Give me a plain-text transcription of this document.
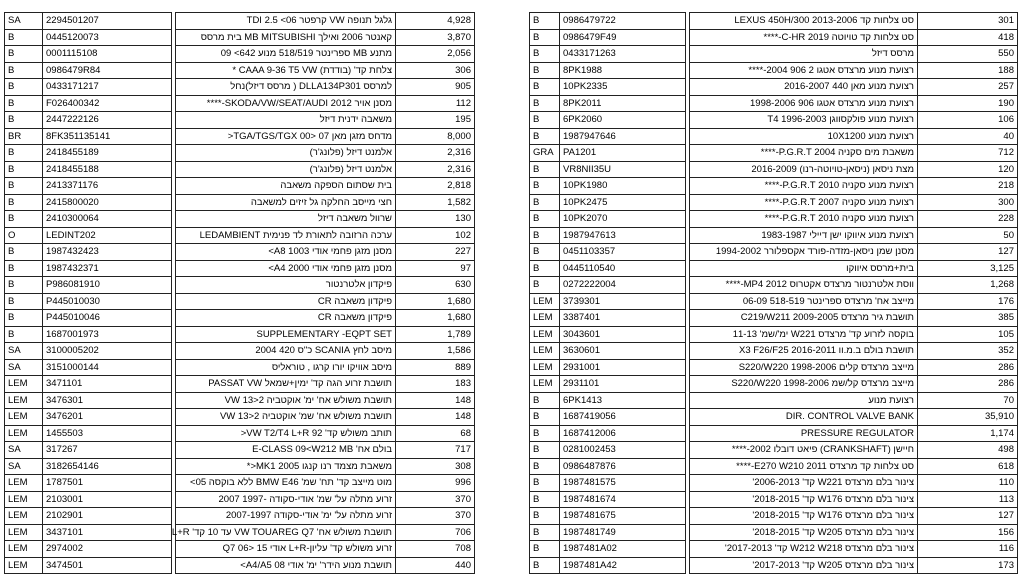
SA	2294501207		גלגל תנופה VW קרפטר 06> 2.5 TDI	4,928
B	0445120073		קאנטר 2006 ואילך MB MITSUBISHI בית מרסס	3,870
B	0001115108		מתנע MB ספרינטר 518/519 מנוע 642> 09	2,056
B	0986479R84		צלחת קד' (בודדת) CAAA 9-36 T5 VW *	306
B	0433171217		למרסס DLLA134P301 ( מרסס דיזל)נחל	905
B	F026400342		מסנן אויר SKODA/VW/SEAT/AUDI 2012-****	112
B	2447222126		משאבה ידנית דיזל	195
BR	8FK351135141		מדחס מזגן מאן TGA/TGS/TGX 00> 07<	8,000
B	2418455189		אלמנט דיזל (פלונג'ר)	2,316
B	2418455188		אלמנט דיזל (פלונג'ר)	2,316
B	2413371176		בית שסתום הספקה משאבה	2,818
B	2415800020		חצי מייסב החלקה גל זיזים למשאבה	1,582
B	2410300064		שרוול משאבה דיזל	130
O	LEDINT202		ערכה הרזובה לתאורת לד פנימית LEDAMBIENT	102
B	1987432423		מסנן מזגן פחמי אודי A8 1003>	227
B	1987432371		מסנן מזגן פחמי אודי A4 2000>	97
B	P986081910		פיקדון אלטרנטור	630
B	P445010030		פיקדון משאבה CR	1,680
B	P445010046		פיקדון משאבה CR	1,680
B	1687001973		SUPPLEMENTARY -EQPT SET	1,789
SA	3100005202		מיסב לחץ SCANIA כ"ס 420 2004	1,586
SA	3151000144		מיסב אוויקו יורו קרגו , טוראליס	889
LEM	3471101		תושבת זרוע הגה קד' ימין+שמאל PASSAT VW	183
LEM	3476301		תושבת משולש אח' ימ' אוקטביה 2<13 VW	148
LEM	3476201		תושבת משולש אח' שמ' אוקטביה 2<13 VW	148
LEM	1455503		תותב משולש קד' VW T2/T4 L+R 92<	68
SA	317267		בולם אח' E-CLASS 09<W212 MB	717
SA	3182654146		משאבת מצמד רנו קנגו MK1 2005<*	308
LEM	1787501		מוט מייצב קד' תח' שמ' BMW E46 ללא בוקסה 05>	996
LEM	2103001		זרוע מתלה על' שמ' אודי-סקודה -1997 2007	370
LEM	2102901		זרוע מתלה על' ימ' אודי-סקודה 2007-1997	370
LEM	3437101		תושבת משולש אח' VW TOUAREG Q7 עד 10 קד' L+R	706
LEM	2974002		זרוע משולש קד' עליון-L+R אודי Q7 06> 15	708
LEM	3474501		תושבת מנוע הידר' ימ' אודי A4/A5 08>	440
B	0986479722		סט צלחות קד LEXUS 450H/300 2013-2006	301
B	0986479F49		סט צלחות קד טויוטה C-HR 2019-****	418
B	0433171263		מרסס דיזל	550
B	8PK1988		רצועת מנוע מרצדס אטגו 2 906 2004-****	188
B	10PK2335		רצועת מנוע מאן 440 2016-2007	257
B	8PK2011		רצועת מנוע מרצדס אטגו 906 1998-2006	190
B	6PK2060		רצועת מנוע פולקסווגן T4 1996-2003	106
B	1987947646		רצועת מנוע 10X1200	40
GRA	PA1201		משאבת מים סקניה P.G.R.T 2004-****	712
B	VR8NII35U		מצת ניסאן (ניסאן-טויוטה-רנו) 2016-2009	120
B	10PK1980		רצועת מנוע סקניה P.G.R.T 2010-****	218
B	10PK2475		רצועת מנוע סקניה P.G.R.T 2007-****	300
B	10PK2070		רצועת מנוע סקניה P.G.R.T 2010-****	228
B	1987947613		רצועת מנוע איווקו ישן דיילי 1983-1987	50
B	0451103357		מסנן שמן ניסאן-מזדה-פורד אקספלורר 1994-2002	127
B	0445110540		בית+מרסס איווקו	3,125
B	0272222004		ווסת אלטרנטור מרצדס אקטרוס MP4 2012-****	1,268
LEM	3739301		מייצב אח' מרצדס ספרינטר 518-519 06-09	176
LEM	3387401		תושבת גיר מרצדס C219/W211 2009-2005	385
LEM	3043601		בוקסה לזרוע קד' מרצדס W221 ימ'/שמ' 11-13	105
LEM	3630601		תושבת בולם ב.מ.וו X3 F26/F25 2016-2011	352
LEM	2931001		מייצב מרצדס קלים S220/W220 1998-2006	286
LEM	2931101		מייצב מרצדס קל/שמ S220/W220 1998-2006	286
B	6PK1413		רצועת מנוע	70
B	1687419056		DIR. CONTROL VALVE BANK	35,910
B	1687412006		PRESSURE REGULATOR	1,174
B	0281002453		חיישן (CRANKSHAFT) פיאט דובלו 2002-****	498
B	0986487876		סט צלחות קד מרצדס E270 W210 2011-****	618
B	1987481575		צינור בלם מרצדס W221 קד' 2006-2013'	110
B	1987481674		צינור בלם מרצדס W176 קד' 2018-2015'	113
B	1987481675		צינור בלם מרצדס W176 קד' 2018-2015'	127
B	1987481749		צינור בלם מרצדס W205 קד' 2018-2015'	156
B	1987481A02		צינור בלם מרצדס W212 W218 קד' 2017-2013'	116
B	1987481A42		צינור בלם מרצדס W205 קד' 2017-2013'	173
